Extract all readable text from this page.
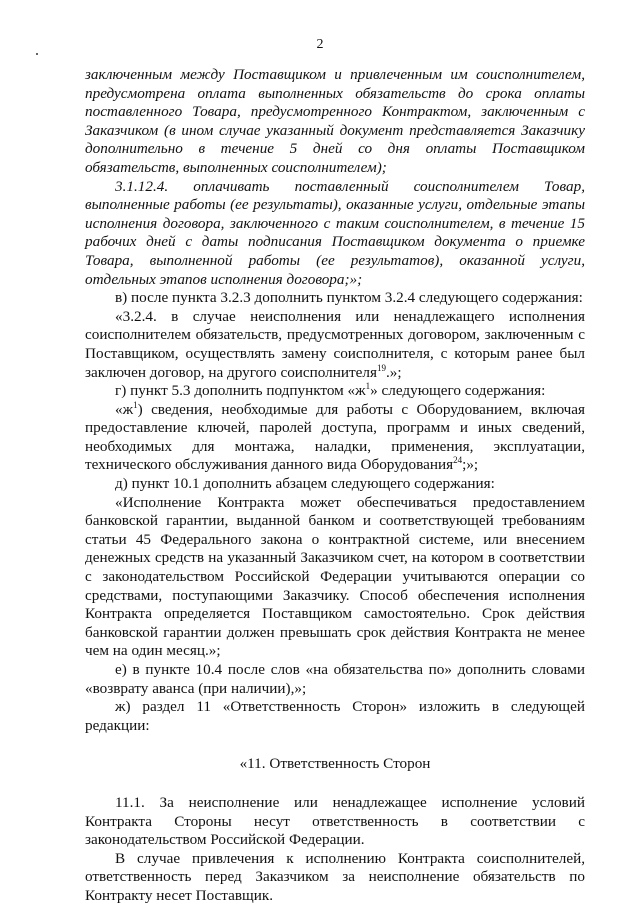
2

заключенным между Поставщиком и привлеченным им соисполнителем, предусмотрена оплата выполненных обязательств до срока оплаты поставленного Товара, предусмотренного Контрактом, заключенным с Заказчиком (в ином случае указанный документ представляется Заказчику дополнительно в течение 5 дней со дня оплаты Поставщиком обязательств, выполненных соисполнителем);

3.1.12.4. оплачивать поставленный соисполнителем Товар, выполненные работы (ее результаты), оказанные услуги, отдельные этапы исполнения договора, заключенного с таким соисполнителем, в течение 15 рабочих дней с даты подписания Поставщиком документа о приемке Товара, выполненной работы (ее результатов), оказанной услуги, отдельных этапов исполнения договора;»;

в) после пункта 3.2.3 дополнить пунктом 3.2.4 следующего содержания:

«3.2.4. в случае неисполнения или ненадлежащего исполнения соисполнителем обязательств, предусмотренных договором, заключенным с Поставщиком, осуществлять замену соисполнителя, с которым ранее был заключен договор, на другого соисполнителя$^{19}$.»;

г) пункт 5.3 дополнить подпунктом «$ж^1$» следующего содержания:

«$ж^1$) сведения, необходимые для работы с Оборудованием, включая предоставление ключей, паролей доступа, программ и иных сведений, необходимых для монтажа, наладки, применения, эксплуатации, технического обслуживания данного вида Оборудования$^{24}$;»;

д) пункт 10.1 дополнить абзацем следующего содержания:

«Исполнение Контракта может обеспечиваться предоставлением банковской гарантии, выданной банком и соответствующей требованиям статьи 45 Федерального закона о контрактной системе, или внесением денежных средств на указанный Заказчиком счет, на котором в соответствии с законодательством Российской Федерации учитываются операции со средствами, поступающими Заказчику. Способ обеспечения исполнения Контракта определяется Поставщиком самостоятельно. Срок действия банковской гарантии должен превышать срок действия Контракта не менее чем на один месяц.»;

е) в пункте 10.4 после слов «на обязательства по» дополнить словами «возврату аванса (при наличии),»;

ж) раздел 11 «Ответственность Сторон» изложить в следующей редакции:

«11. Ответственность Сторон

11.1. За неисполнение или ненадлежащее исполнение условий Контракта Стороны несут ответственность в соответствии с законодательством Российской Федерации.

В случае привлечения к исполнению Контракта соисполнителей, ответственность перед Заказчиком за неисполнение обязательств по Контракту несет Поставщик.
